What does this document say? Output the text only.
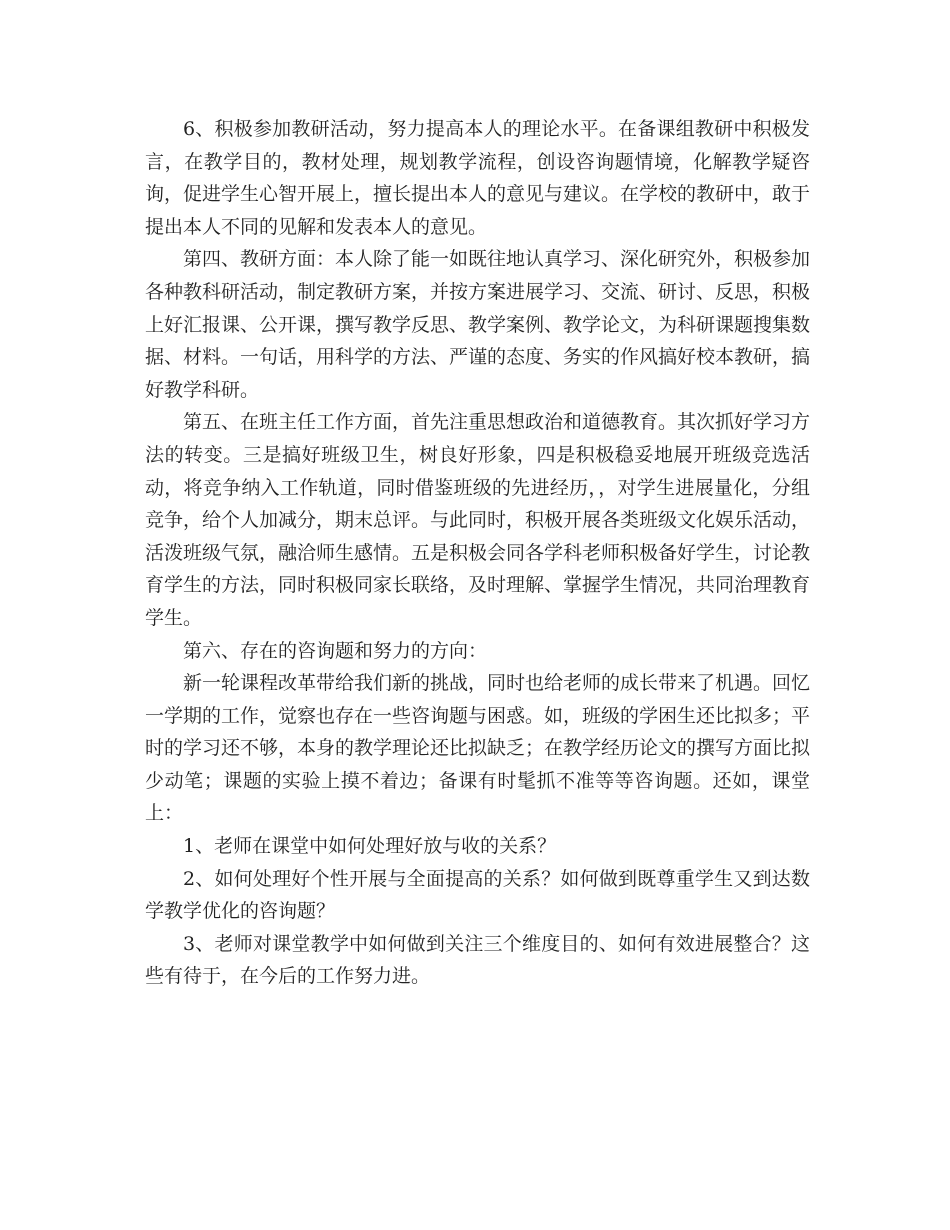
6、积极参加教研活动，努力提高本人的理论水平。在备课组教研中积极发言，在教学目的，教材处理，规划教学流程，创设咨询题情境，化解教学疑咨询，促进学生心智开展上，擅长提出本人的意见与建议。在学校的教研中，敢于提出本人不同的见解和发表本人的意见。

第四、教研方面：本人除了能一如既往地认真学习、深化研究外，积极参加各种教科研活动，制定教研方案，并按方案进展学习、交流、研讨、反思，积极上好汇报课、公开课，撰写教学反思、教学案例、教学论文，为科研课题搜集数据、材料。一句话，用科学的方法、严谨的态度、务实的作风搞好校本教研，搞好教学科研。

第五、在班主任工作方面，首先注重思想政治和道德教育。其次抓好学习方法的转变。三是搞好班级卫生，树良好形象，四是积极稳妥地展开班级竞选活动，将竞争纳入工作轨道，同时借鉴班级的先进经历，，对学生进展量化，分组竞争，给个人加减分，期末总评。与此同时，积极开展各类班级文化娱乐活动，活泼班级气氛，融洽师生感情。五是积极会同各学科老师积极备好学生，讨论教育学生的方法，同时积极同家长联络，及时理解、掌握学生情况，共同治理教育学生。

第六、存在的咨询题和努力的方向：

新一轮课程改革带给我们新的挑战，同时也给老师的成长带来了机遇。回忆一学期的工作，觉察也存在一些咨询题与困惑。如，班级的学困生还比拟多；平时的学习还不够，本身的教学理论还比拟缺乏；在教学经历论文的撰写方面比拟少动笔；课题的实验上摸不着边；备课有时髦抓不准等等咨询题。还如，课堂上：

1、老师在课堂中如何处理好放与收的关系？

2、如何处理好个性开展与全面提高的关系？如何做到既尊重学生又到达数学教学优化的咨询题？

3、老师对课堂教学中如何做到关注三个维度目的、如何有效进展整合？这些有待于，在今后的工作努力进。
